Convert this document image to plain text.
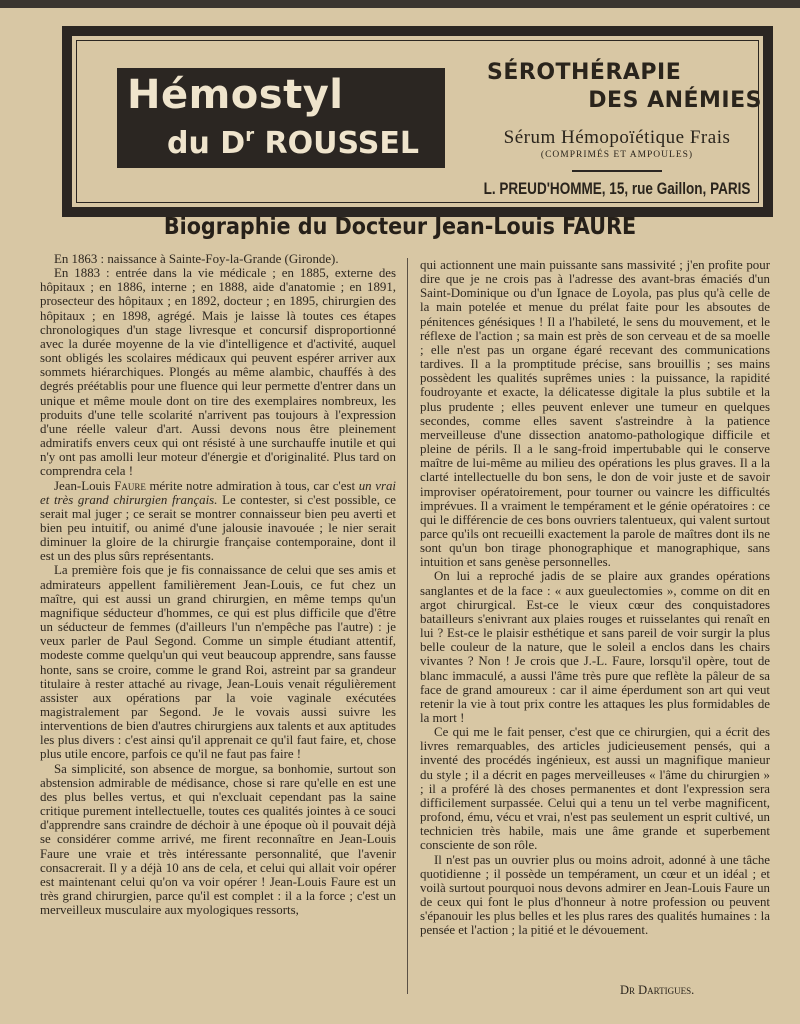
Hémostyl
du $D^r$ ROUSSEL
SÉROTHÉRAPIE
DES ANÉMIES
Sérum Hémopoïétique Frais
(COMPRIMÉS ET AMPOULES)
L. PREUD'HOMME, 15, rue Gaillon, PARIS
Biographie du Docteur Jean-Louis FAURE

En 1863 : naissance à Sainte-Foy-la-Grande (Gironde).

En 1883 : entrée dans la vie médicale ; en 1885, externe des hôpitaux ; en 1886, interne ; en 1888, aide d'anatomie ; en 1891, prosecteur des hôpitaux ; en 1892, docteur ; en 1895, chirurgien des hôpitaux ; en 1898, agrégé. Mais je laisse là toutes ces étapes chronologiques d'un stage livresque et concursif disproportionné avec la durée moyenne de la vie d'intelligence et d'activité, auquel sont obligés les scolaires médicaux qui peuvent espérer arriver aux sommets hiérarchiques. Plongés au même alambic, chauffés à des degrés préétablis pour une fluence qui leur permette d'entrer dans un unique et même moule dont on tire des exemplaires nombreux, les produits d'une telle scolarité n'arrivent pas toujours à l'expression d'une réelle valeur d'art. Aussi devons nous être pleinement admiratifs envers ceux qui ont résisté à une surchauffe inutile et qui n'y ont pas amolli leur moteur d'énergie et d'originalité. Plus tard on comprendra cela !

Jean-Louis Faure mérite notre admiration à tous, car c'est un vrai et très grand chirurgien français. Le contester, si c'est possible, ce serait mal juger ; ce serait se montrer connaisseur bien peu averti et bien peu intuitif, ou animé d'une jalousie inavouée ; le nier serait diminuer la gloire de la chirurgie française contemporaine, dont il est un des plus sûrs représentants.

La première fois que je fis connaissance de celui que ses amis et admirateurs appellent familièrement Jean-Louis, ce fut chez un maître, qui est aussi un grand chirurgien, en même temps qu'un magnifique séducteur d'hommes, ce qui est plus difficile que d'être un séducteur de femmes (d'ailleurs l'un n'empêche pas l'autre) : je veux parler de Paul Segond. Comme un simple étudiant attentif, modeste comme quelqu'un qui veut beaucoup apprendre, sans fausse honte, sans se croire, comme le grand Roi, astreint par sa grandeur titulaire à rester attaché au rivage, Jean-Louis venait régulièrement assister aux opérations par la voie vaginale exécutées magistralement par Segond. Je le vovais aussi suivre les interventions de bien d'autres chirurgiens aux talents et aux aptitudes les plus divers : c'est ainsi qu'il apprenait ce qu'il faut faire, et, chose plus utile encore, parfois ce qu'il ne faut pas faire !

Sa simplicité, son absence de morgue, sa bonhomie, surtout son abstension admirable de médisance, chose si rare qu'elle en est une des plus belles vertus, et qui n'excluait cependant pas la saine critique purement intellectuelle, toutes ces qualités jointes à ce souci d'apprendre sans craindre de déchoir à une époque où il pouvait déjà se considérer comme arrivé, me firent reconnaître en Jean-Louis Faure une vraie et très intéressante personnalité, que l'avenir consacrerait. Il y a déjà 10 ans de cela, et celui qui allait voir opérer est maintenant celui qu'on va voir opérer ! Jean-Louis Faure est un très grand chirurgien, parce qu'il est complet : il a la force ; c'est un merveilleux musculaire aux myologiques ressorts,

qui actionnent une main puissante sans massivité ; j'en profite pour dire que je ne crois pas à l'adresse des avant-bras émaciés d'un Saint-Dominique ou d'un Ignace de Loyola, pas plus qu'à celle de la main potelée et menue du prélat faite pour les absoutes de pénitences génésiques ! Il a l'habileté, le sens du mouvement, et le réflexe de l'action ; sa main est près de son cerveau et de sa moelle ; elle n'est pas un organe égaré recevant des communications tardives. Il a la promptitude précise, sans brouillis ; ses mains possèdent les qualités suprêmes unies : la puissance, la rapidité foudroyante et exacte, la délicatesse digitale la plus subtile et la plus prudente ; elles peuvent enlever une tumeur en quelques secondes, comme elles savent s'astreindre à la patience merveilleuse d'une dissection anatomo-pathologique difficile et pleine de périls. Il a le sang-froid impertubable qui le conserve maître de lui-même au milieu des opérations les plus graves. Il a la clarté intellectuelle du bon sens, le don de voir juste et de savoir improviser opératoirement, pour tourner ou vaincre les difficultés imprévues. Il a vraiment le tempérament et le génie opératoires : ce qui le différencie de ces bons ouvriers talentueux, qui valent surtout parce qu'ils ont recueilli exactement la parole de maîtres dont ils ne sont qu'un bon tirage phonographique et manographique, sans intuition et sans genèse personnelles.

On lui a reproché jadis de se plaire aux grandes opérations sanglantes et de la face : « aux gueulectomies », comme on dit en argot chirurgical. Est-ce le vieux cœur des conquistadores batailleurs s'enivrant aux plaies rouges et ruisselantes qui renaît en lui ? Est-ce le plaisir esthétique et sans pareil de voir surgir la plus belle couleur de la nature, que le soleil a enclos dans les chairs vivantes ? Non ! Je crois que J.-L. Faure, lorsqu'il opère, tout de blanc immaculé, a aussi l'âme très pure que reflète la pâleur de sa face de grand amoureux : car il aime éperdument son art qui veut retenir la vie à tout prix contre les attaques les plus formidables de la mort !

Ce qui me le fait penser, c'est que ce chirurgien, qui a écrit des livres remarquables, des articles judicieusement pensés, qui a inventé des procédés ingénieux, est aussi un magnifique manieur du style ; il a décrit en pages merveilleuses « l'âme du chirurgien » ; il a proféré là des choses permanentes et dont l'expression sera difficilement surpassée. Celui qui a tenu un tel verbe magnificent, profond, ému, vécu et vrai, n'est pas seulement un esprit cultivé, un technicien très habile, mais une âme grande et superbement consciente de son rôle.

Il n'est pas un ouvrier plus ou moins adroit, adonné à une tâche quotidienne ; il possède un tempérament, un cœur et un idéal ; et voilà surtout pourquoi nous devons admirer en Jean-Louis Faure un de ceux qui font le plus d'honneur à notre profession ou peuvent s'épanouir les plus belles et les plus rares des qualités humaines : la pensée et l'action ; la pitié et le dévouement.

Dr Dartigues.
